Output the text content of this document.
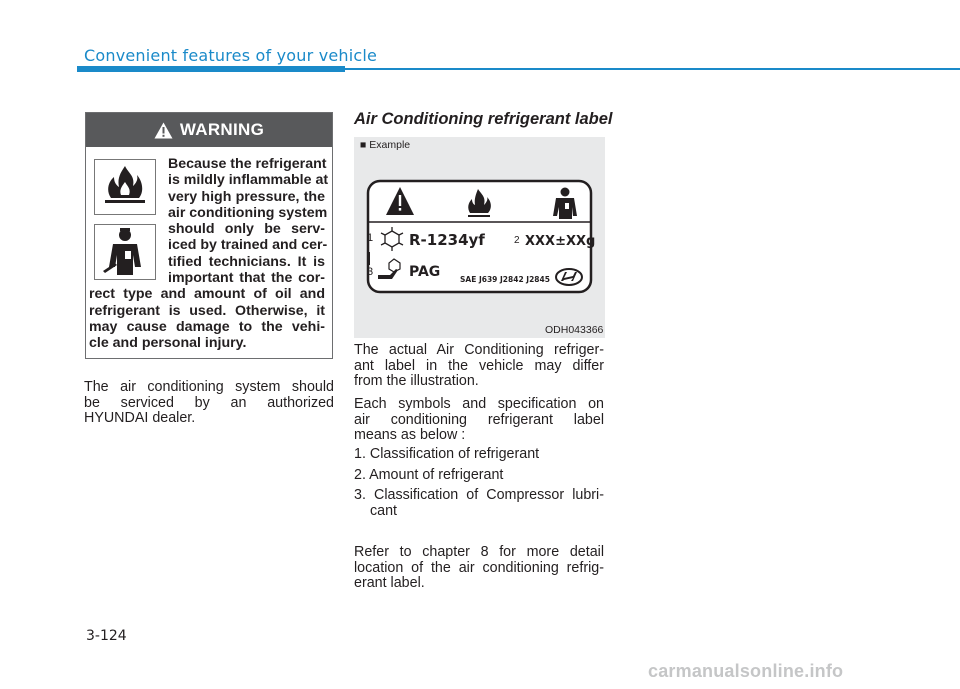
Convenient features of your vehicle
WARNING
Because the refrigerant
is mildly inflammable at
very high pressure, the
air conditioning system
should only be serv-
iced by trained and cer-
tified technicians. It is
important that the cor-
rect type and amount of oil and
refrigerant is used. Otherwise, it
may cause damage to the vehi-
cle and personal injury.
The air conditioning system should
be serviced by an authorized
HYUNDAI dealer.
Air Conditioning refrigerant label
■ Example
1 R-1234yf	2 XXX±XXg
3	PAG	SAE J639 J2842 J2845
ODH043366
The actual Air Conditioning refriger-
ant label in the vehicle may differ
from the illustration.
Each symbols and specification on
air conditioning refrigerant label
means as below :
1. Classification of refrigerant
2. Amount of refrigerant
3. Classification of Compressor lubri-
cant
Refer to chapter 8 for more detail
location of the air conditioning refrig-
erant label.
3-124
carmanualsonline.info
